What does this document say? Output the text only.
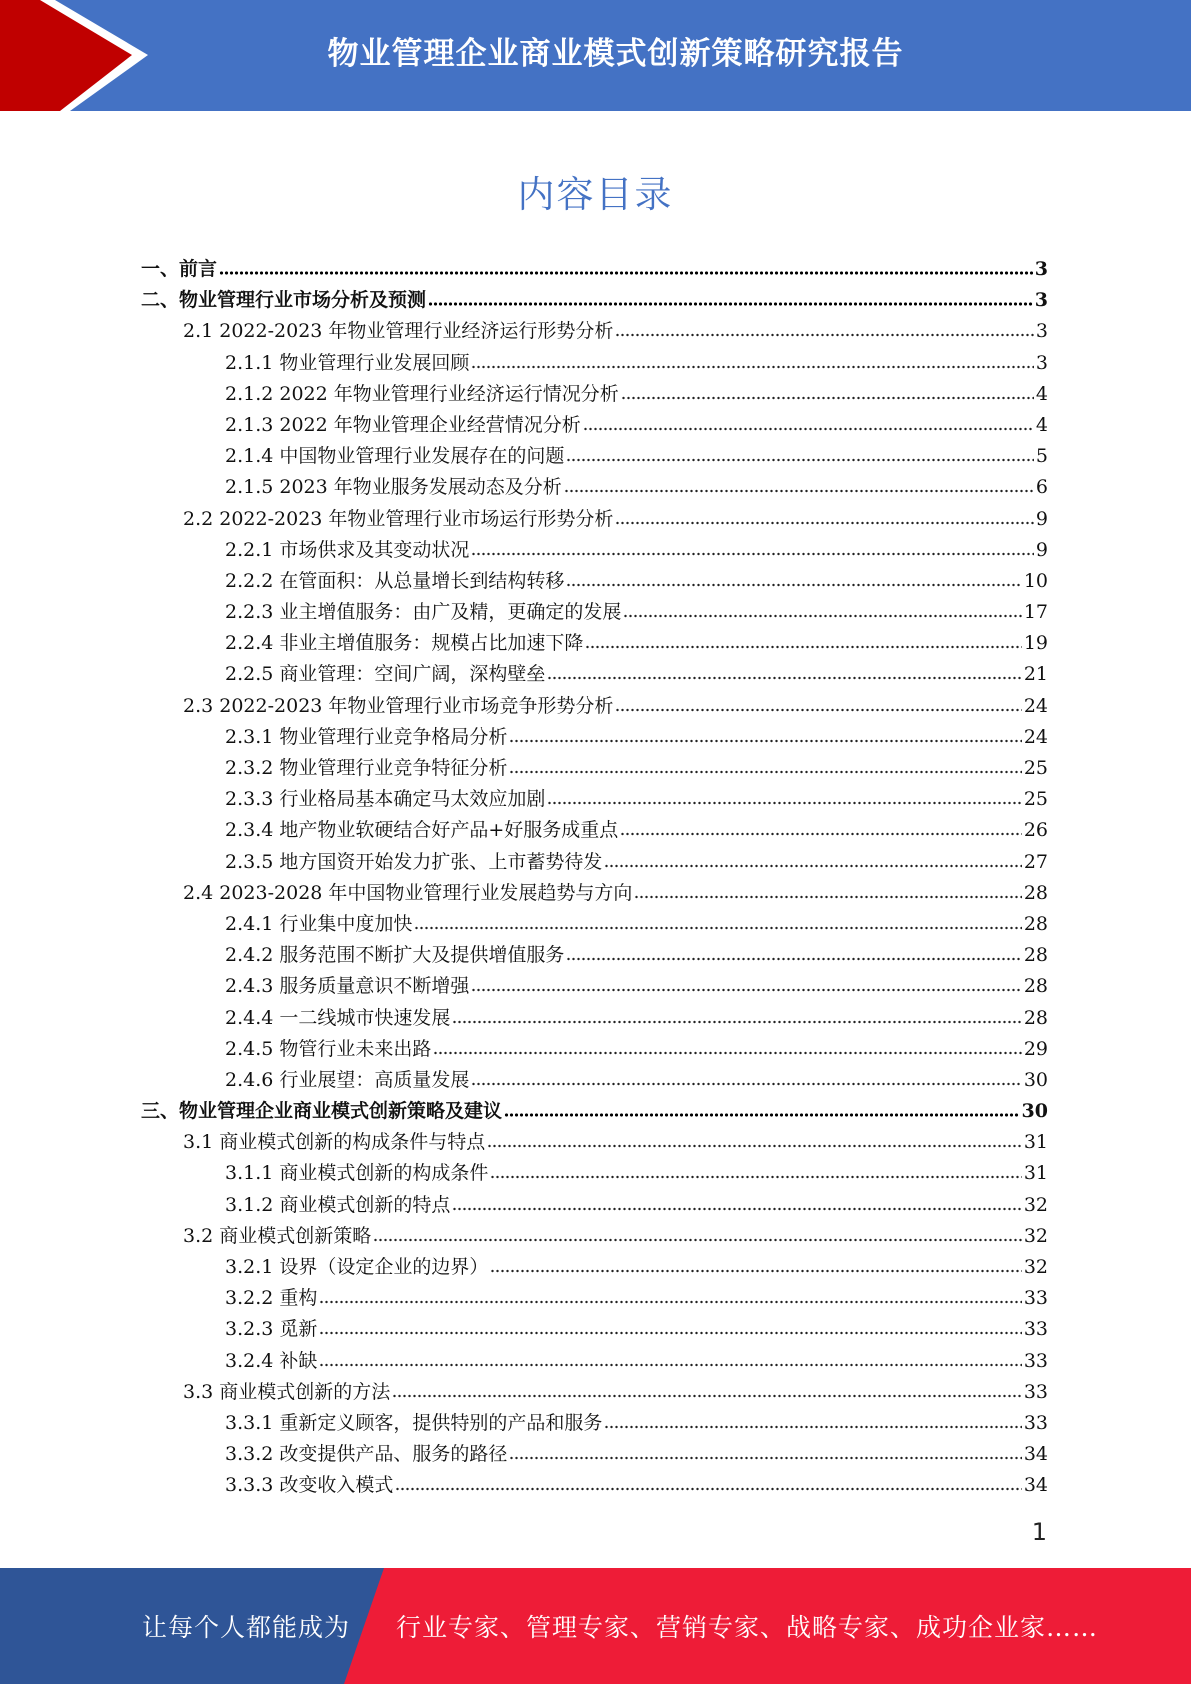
物业管理企业商业模式创新策略研究报告
内容目录
一、前言	3
二、物业管理行业市场分析及预测	3
2.1 2022-2023 年物业管理行业经济运行形势分析	3
2.1.1 物业管理行业发展回顾	3
2.1.2 2022 年物业管理行业经济运行情况分析	4
2.1.3 2022 年物业管理企业经营情况分析	4
2.1.4 中国物业管理行业发展存在的问题	5
2.1.5 2023 年物业服务发展动态及分析	6
2.2 2022-2023 年物业管理行业市场运行形势分析	9
2.2.1 市场供求及其变动状况	9
2.2.2 在管面积：从总量增长到结构转移	10
2.2.3 业主增值服务：由广及精，更确定的发展	17
2.2.4 非业主增值服务：规模占比加速下降	19
2.2.5 商业管理：空间广阔，深构壁垒	21
2.3 2022-2023 年物业管理行业市场竞争形势分析	24
2.3.1 物业管理行业竞争格局分析	24
2.3.2 物业管理行业竞争特征分析	25
2.3.3 行业格局基本确定马太效应加剧	25
2.3.4 地产物业软硬结合好产品+好服务成重点	26
2.3.5 地方国资开始发力扩张、上市蓄势待发	27
2.4 2023-2028 年中国物业管理行业发展趋势与方向	28
2.4.1 行业集中度加快	28
2.4.2 服务范围不断扩大及提供增值服务	28
2.4.3 服务质量意识不断增强	28
2.4.4 一二线城市快速发展	28
2.4.5 物管行业未来出路	29
2.4.6 行业展望：高质量发展	30
三、物业管理企业商业模式创新策略及建议	30
3.1 商业模式创新的构成条件与特点	31
3.1.1 商业模式创新的构成条件	31
3.1.2 商业模式创新的特点	32
3.2 商业模式创新策略	32
3.2.1 设界（设定企业的边界）	32
3.2.2 重构	33
3.2.3 觅新	33
3.2.4 补缺	33
3.3 商业模式创新的方法	33
3.3.1 重新定义顾客，提供特别的产品和服务	33
3.3.2 改变提供产品、服务的路径	34
3.3.3 改变收入模式	34
1
让每个人都能成为 行业专家、管理专家、营销专家、战略专家、成功企业家……
